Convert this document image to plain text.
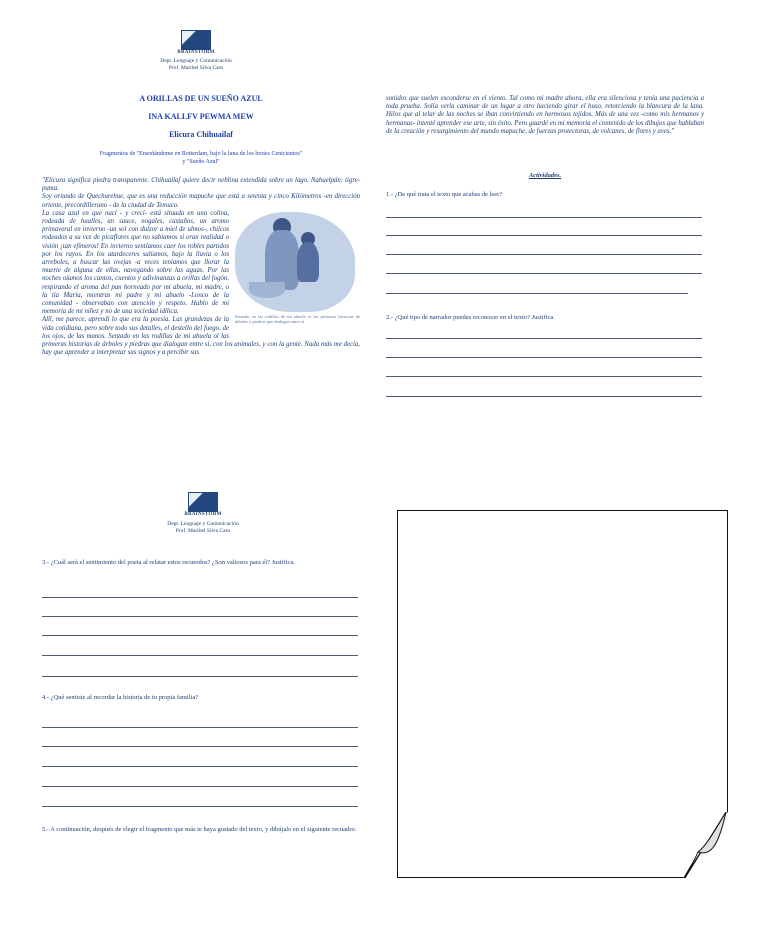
BRAINSTORM
Dept. Lenguaje y Comunicación
Prof. Maribel Silva Caro
A ORILLAS DE UN SUEÑO AZUL
INA KALLFV PEWMA MEW
Elicura Chihuailaf
Fragmentos de "Ensoñándome en Rotterdam, bajo la luna de los brotes Cenicientos"
y "Sueño Azul"

"Elicura significa piedra transparente. Chihuailaf quiere decir neblina extendida sobre un lago. Nahuelpán: tigre-puma.

Soy oriundo de Quechurehue, que es una reducción mapuche que está a setenta y cinco Kilómetros -en dirección oriente, precordillerano - de la ciudad de Temuco.

Sentado en las rodillas de mi abuela oí las primeras historias de árboles y piedras que dialogan entre sí

La casa azul en que nací - y crecí- está situada en una colina, rodeada de hualles, un sauce, nogales, castaños, un aromo primaveral en invierno -un sol con dulzor a miel de ulmos-, chilcos rodeados a su vez de picaflores que no sabíamos si eran realidad o visión ¡tan efímeros! En invierno sentíamos caer los robles partidos por los rayos. En los atardeceres salíamos, bajo la lluvia o los arreboles, a buscar las ovejas -a veces teníamos que llorar la muerte de alguna de ellas, navegando sobre las aguas. Por las noches oíamos los cantos, cuentos y adivinanzas a orillas del fogón, respirando el aroma del pan horneado por mi abuela, mi madre, o la tía María, mientras mi padre y mi abuelo -Lonco de la comunidad - observaban con atención y respeto. Hablo de mi memoria de mi niñez y no de una sociedad idílica.

Allí, me parece, aprendí lo que era la poesía. Las grandezas de la vida cotidiana, pero sobre todo sus detalles, el destello del fuego, de los ojos, de las manos. Sentado en las rodillas de mi abuela oí las primeras historias de árboles y piedras que dialogan entre sí, con los animales, y con la gente. Nada más me decía, hay que aprender a interpretar sus signos y a percibir sus

sonidos que suelen esconderse en el viento. Tal como mi madre ahora, ella era silenciosa y tenía una paciencia a toda prueba. Solía verla caminar de un lugar a otro haciendo girar el huso, retorciendo la blancura de la lana. Hilos que al telar de las noches se iban convirtiendo en hermosos tejidos. Más de una vez -como mis hermanos y hermanas- intenté aprender ese arte, sin éxito. Pero guardé en mi memoria el contenido de los dibujos que hablaban de la creación y resurgimiento del mundo mapuche, de fuerzas protectoras, de volcanes, de flores y aves."
Actividades.
1.- ¿De qué trata el texto que acabas de leer?
2.- ¿Qué tipo de narrador puedes reconocer en el texto? Justifica.
BRAINSTORM
Dept. Lenguaje y Comunicación
Prof. Maribel Silva Caro
3.- ¿Cuál será el sentimiento del poeta al relatar estos recuerdos? ¿Son valiosos para él? Justifica.
4.- ¿Qué sentiste al recordar la historia de tu propia familia?
5.- A continuación, después de elegir el fragmento que más te haya gustado del texto, y dibújalo en el siguiente recuadro.
